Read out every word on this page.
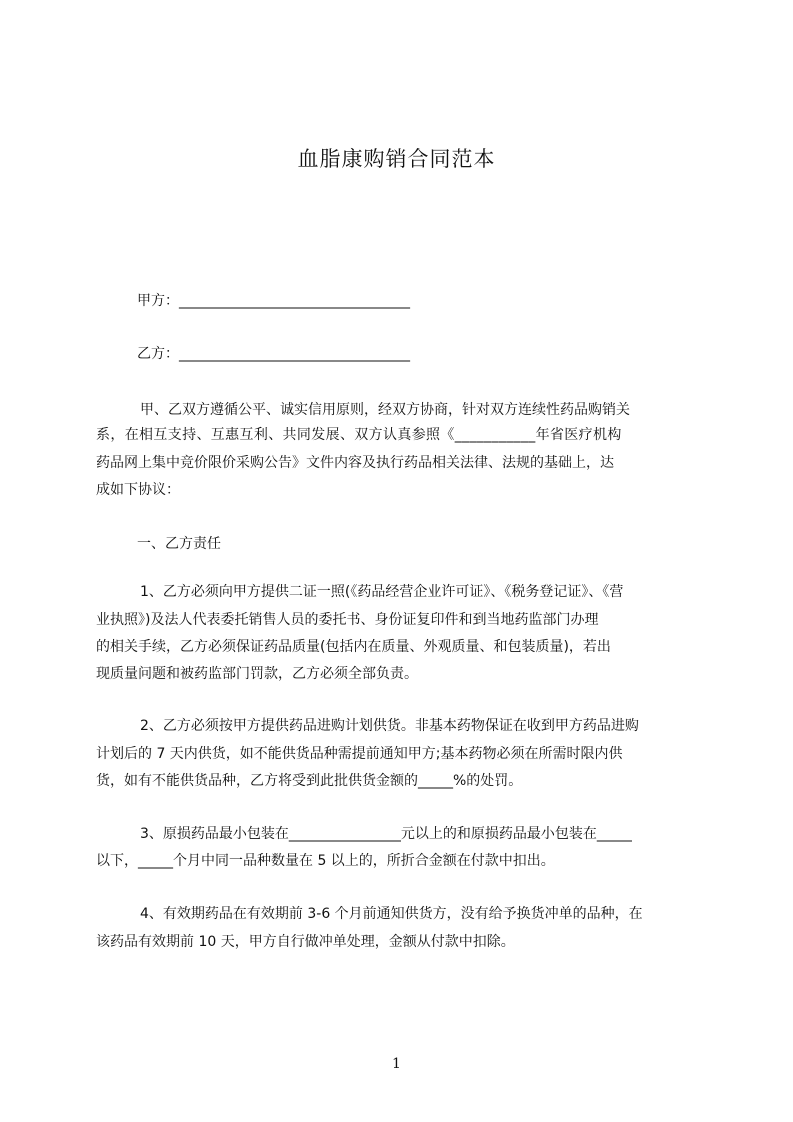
血脂康购销合同范本
甲方：_________________________________
乙方：_________________________________
甲、乙双方遵循公平、诚实信用原则，经双方协商，针对双方连续性药品购销关
系，在相互支持、互惠互利、共同发展、双方认真参照《___________年省医疗机构
药品网上集中竞价限价采购公告》文件内容及执行药品相关法律、法规的基础上，达
成如下协议：
一、乙方责任
1、乙方必须向甲方提供二证一照(《药品经营企业许可证》、《税务登记证》、《营
业执照》)及法人代表委托销售人员的委托书、身份证复印件和到当地药监部门办理
的相关手续，乙方必须保证药品质量(包括内在质量、外观质量、和包装质量)，若出
现质量问题和被药监部门罚款，乙方必须全部负责。
2、乙方必须按甲方提供药品进购计划供货。非基本药物保证在收到甲方药品进购
计划后的 7 天内供货，如不能供货品种需提前通知甲方;基本药物必须在所需时限内供
货，如有不能供货品种，乙方将受到此批供货金额的_____%的处罚。
3、原损药品最小包装在________________元以上的和原损药品最小包装在_____
以下，_____个月中同一品种数量在 5 以上的，所折合金额在付款中扣出。
4、有效期药品在有效期前 3-6 个月前通知供货方，没有给予换货冲单的品种，在
该药品有效期前 10 天，甲方自行做冲单处理，金额从付款中扣除。
1
